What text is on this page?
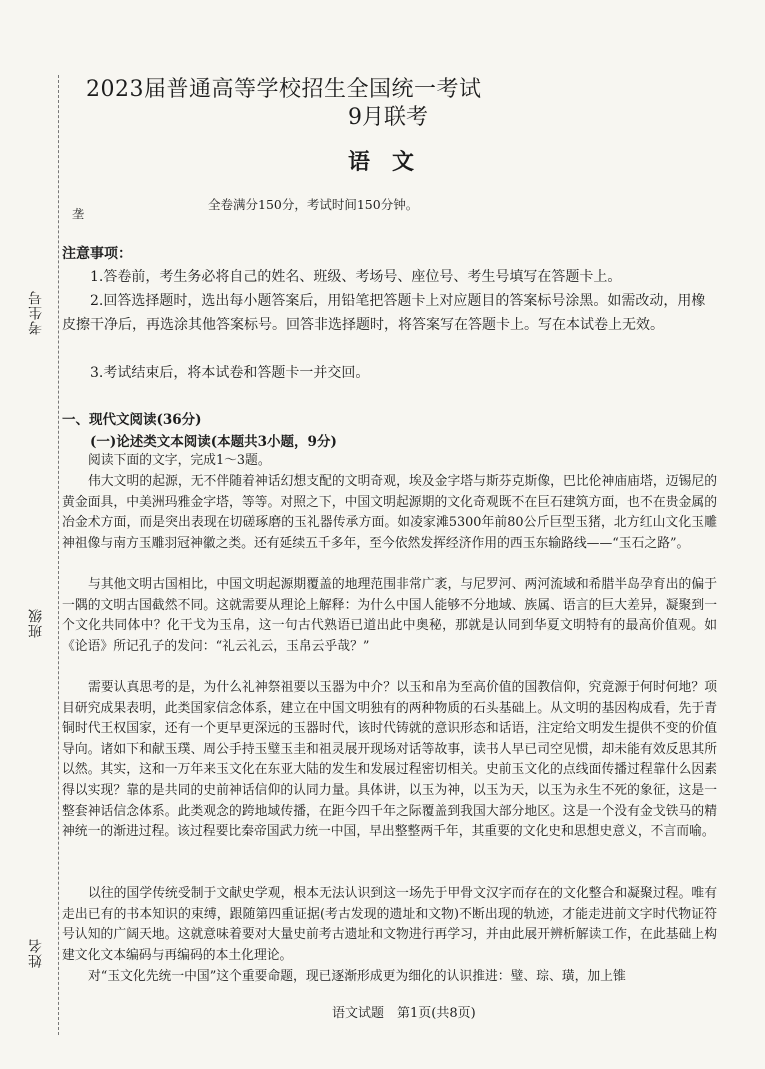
考生号
班级
姓名
垄
2023届普通高等学校招生全国统一考试
9月联考
语文
全卷满分150分，考试时间150分钟。
注意事项：
1.答卷前，考生务必将自己的姓名、班级、考场号、座位号、考生号填写在答题卡上。
2.回答选择题时，选出每小题答案后，用铅笔把答题卡上对应题目的答案标号涂黑。如需改动，用橡皮擦干净后，再选涂其他答案标号。回答非选择题时，将答案写在答题卡上。写在本试卷上无效。
3.考试结束后，将本试卷和答题卡一并交回。
一、现代文阅读(36分)
(一)论述类文本阅读(本题共3小题，9分)
阅读下面的文字，完成1～3题。
伟大文明的起源，无不伴随着神话幻想支配的文明奇观，埃及金字塔与斯芬克斯像，巴比伦神庙庙塔，迈锡尼的黄金面具，中美洲玛雅金字塔，等等。对照之下，中国文明起源期的文化奇观既不在巨石建筑方面，也不在贵金属的冶金术方面，而是突出表现在切磋琢磨的玉礼器传承方面。如凌家滩5300年前80公斤巨型玉猪，北方红山文化玉雕神祖像与南方玉雕羽冠神徽之类。还有延续五千多年，至今依然发挥经济作用的西玉东输路线——“玉石之路”。
与其他文明古国相比，中国文明起源期覆盖的地理范围非常广袤，与尼罗河、两河流域和希腊半岛孕育出的偏于一隅的文明古国截然不同。这就需要从理论上解释：为什么中国人能够不分地域、族属、语言的巨大差异，凝聚到一个文化共同体中？化干戈为玉帛，这一句古代熟语已道出此中奥秘，那就是认同到华夏文明特有的最高价值观。如《论语》所记孔子的发问：“礼云礼云，玉帛云乎哉？”
需要认真思考的是，为什么礼神祭祖要以玉器为中介？以玉和帛为至高价值的国教信仰，究竟源于何时何地？项目研究成果表明，此类国家信念体系，建立在中国文明独有的两种物质的石头基础上。从文明的基因构成看，先于青铜时代王权国家，还有一个更早更深远的玉器时代，该时代铸就的意识形态和话语，注定给文明发生提供不变的价值导向。诸如下和献玉璞、周公手持玉璧玉圭和祖灵展开现场对话等故事，读书人早已司空见惯，却未能有效反思其所以然。其实，这和一万年来玉文化在东亚大陆的发生和发展过程密切相关。史前玉文化的点线面传播过程靠什么因素得以实现？靠的是共同的史前神话信仰的认同力量。具体讲，以玉为神，以玉为天，以玉为永生不死的象征，这是一整套神话信念体系。此类观念的跨地域传播，在距今四千年之际覆盖到我国大部分地区。这是一个没有金戈铁马的精神统一的渐进过程。该过程要比秦帝国武力统一中国，早出整整两千年，其重要的文化史和思想史意义，不言而喻。
以往的国学传统受制于文献史学观，根本无法认识到这一场先于甲骨文汉字而存在的文化整合和凝聚过程。唯有走出已有的书本知识的束缚，跟随第四重证据(考古发现的遗址和文物)不断出现的轨迹，才能走进前文字时代物证符号认知的广阔天地。这就意味着要对大量史前考古遗址和文物进行再学习，并由此展开辨析解读工作，在此基础上构建文化文本编码与再编码的本土化理论。
对“玉文化先统一中国”这个重要命题，现已逐渐形成更为细化的认识推进：璧、琮、璜，加上锥
语文试题　第1页(共8页)
